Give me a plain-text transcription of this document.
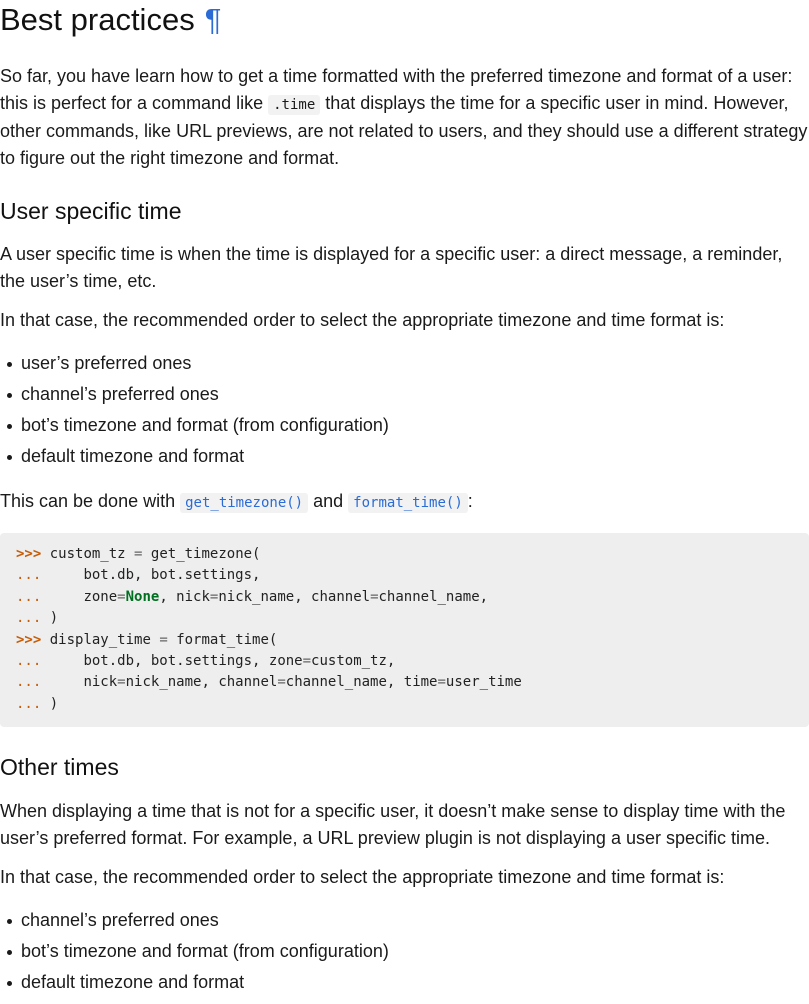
Best practices ¶

So far, you have learn how to get a time formatted with the preferred timezone and format of a user: this is perfect for a command like .time that displays the time for a specific user in mind. However, other commands, like URL previews, are not related to users, and they should use a different strategy to figure out the right timezone and format.

User specific time

A user specific time is when the time is displayed for a specific user: a direct message, a reminder, the user’s time, etc.

In that case, the recommended order to select the appropriate timezone and time format is:

user’s preferred ones
channel’s preferred ones
bot’s timezone and format (from configuration)
default timezone and format

This can be done with get_timezone() and format_time() :

>>> custom_tz = get_timezone(
...	bot.db, bot.settings,
...	zone=None, nick=nick_name, channel=channel_name,
... )
>>> display_time = format_time(
...	bot.db, bot.settings, zone=custom_tz,
...	nick=nick_name, channel=channel_name, time=user_time
... )
Other times

When displaying a time that is not for a specific user, it doesn’t make sense to display time with the user’s preferred format. For example, a URL preview plugin is not displaying a user specific time.

In that case, the recommended order to select the appropriate timezone and time format is:

channel’s preferred ones
bot’s timezone and format (from configuration)
default timezone and format
